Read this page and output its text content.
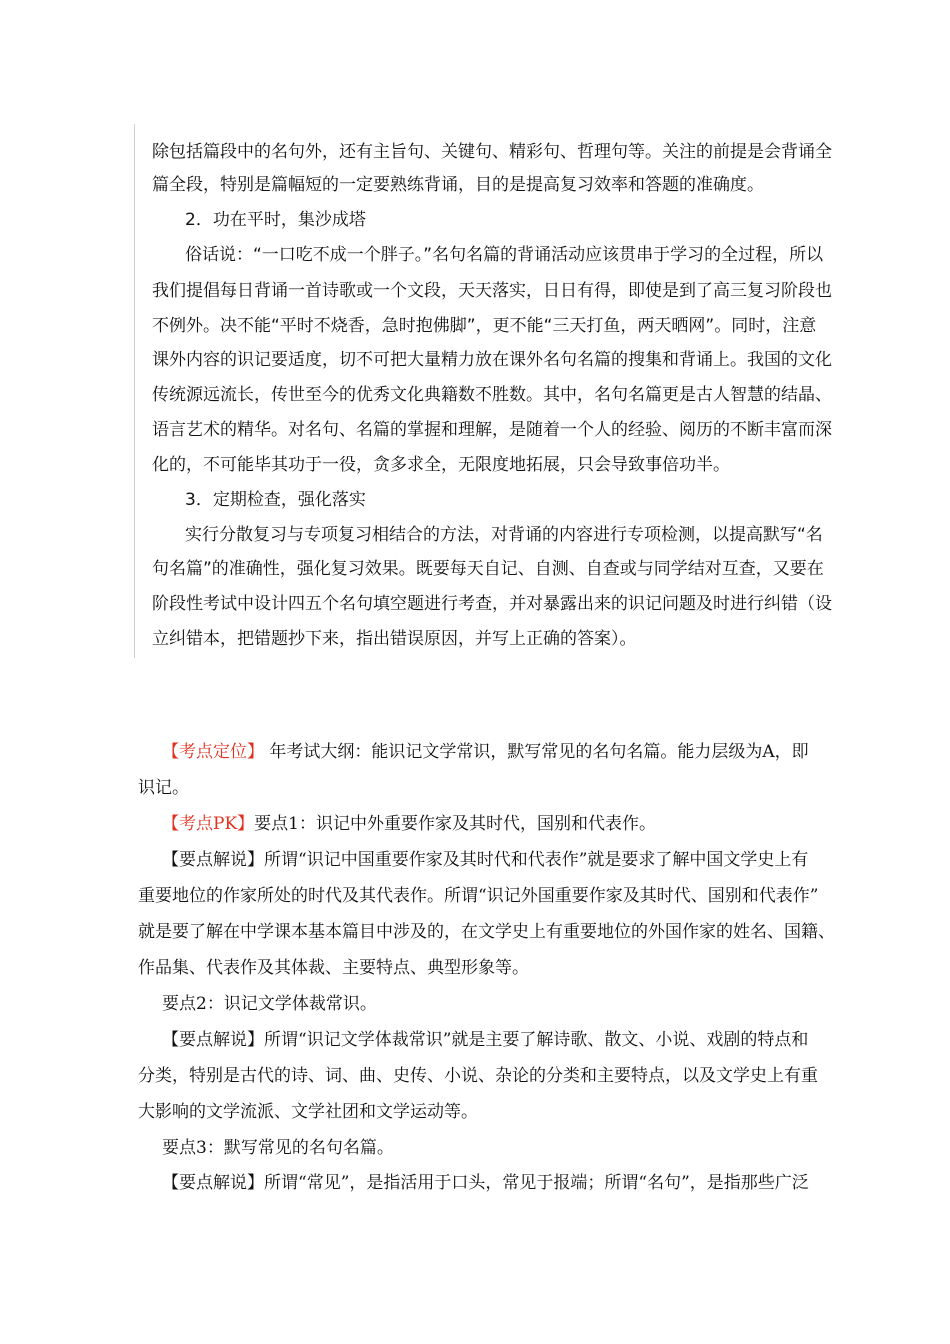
除包括篇段中的名句外，还有主旨句、关键句、精彩句、哲理句等。关注的前提是会背诵全
篇全段，特别是篇幅短的一定要熟练背诵，目的是提高复习效率和答题的准确度。
2．功在平时，集沙成塔
俗话说：“一口吃不成一个胖子。”名句名篇的背诵活动应该贯串于学习的全过程，所以
我们提倡每日背诵一首诗歌或一个文段，天天落实，日日有得，即使是到了高三复习阶段也
不例外。决不能“平时不烧香，急时抱佛脚”，更不能“三天打鱼，两天晒网”。同时，注意
课外内容的识记要适度，切不可把大量精力放在课外名句名篇的搜集和背诵上。我国的文化
传统源远流长，传世至今的优秀文化典籍数不胜数。其中，名句名篇更是古人智慧的结晶、
语言艺术的精华。对名句、名篇的掌握和理解，是随着一个人的经验、阅历的不断丰富而深
化的，不可能毕其功于一役，贪多求全，无限度地拓展，只会导致事倍功半。
3．定期检查，强化落实
实行分散复习与专项复习相结合的方法，对背诵的内容进行专项检测，以提高默写“名
句名篇”的准确性，强化复习效果。既要每天自记、自测、自查或与同学结对互查，又要在
阶段性考试中设计四五个名句填空题进行考查，并对暴露出来的识记问题及时进行纠错（设
立纠错本，把错题抄下来，指出错误原因，并写上正确的答案）。
【考点定位】 年考试大纲：能识记文学常识，默写常见的名句名篇。能力层级为A，即
识记。
【考点PK】要点1：识记中外重要作家及其时代，国别和代表作。
【要点解说】所谓“识记中国重要作家及其时代和代表作”就是要求了解中国文学史上有
重要地位的作家所处的时代及其代表作。所谓“识记外国重要作家及其时代、国别和代表作”
就是要了解在中学课本基本篇目中涉及的，在文学史上有重要地位的外国作家的姓名、国籍、
作品集、代表作及其体裁、主要特点、典型形象等。
要点2：识记文学体裁常识。
【要点解说】所谓“识记文学体裁常识”就是主要了解诗歌、散文、小说、戏剧的特点和
分类，特别是古代的诗、词、曲、史传、小说、杂论的分类和主要特点，以及文学史上有重
大影响的文学流派、文学社团和文学运动等。
要点3：默写常见的名句名篇。
【要点解说】所谓“常见”，是指活用于口头，常见于报端；所谓“名句”，是指那些广泛
